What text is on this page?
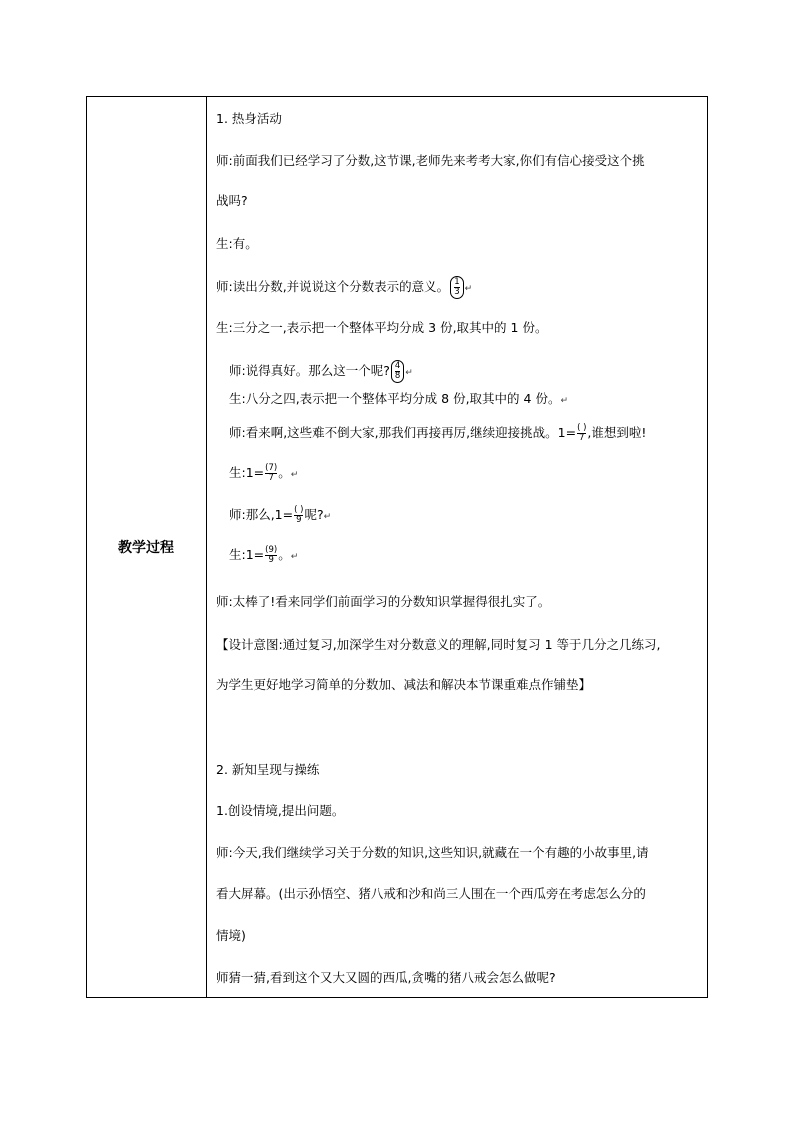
教学过程
1. 热身活动
师:前面我们已经学习了分数,这节课,老师先来考考大家,你们有信心接受这个挑
战吗?
生:有。
师:读出分数,并说说这个分数表示的意义。 $\frac{1}{3}$ ↵
生:三分之一,表示把一个整体平均分成 3 份,取其中的 1 份。
师:说得真好。那么这一个呢? $\frac{4}{8}$ ↵
生:八分之四,表示把一个整体平均分成 8 份,取其中的 4 份。↵
师:看来啊,这些难不倒大家,那我们再接再厉,继续迎接挑战。$1= \frac{( )}{7}$ ,谁想到啦!
生:1= $\frac{(7)}{7}$ 。↵
师:那么$,1= \frac{( )}{9}$ 呢?↵
生:1= $\frac{(9)}{9}$ 。↵
师:太棒了!看来同学们前面学习的分数知识掌握得很扎实了。
【设计意图:通过复习,加深学生对分数意义的理解,同时复习 1 等于几分之几练习,
为学生更好地学习简单的分数加、减法和解决本节课重难点作铺垫】
2. 新知呈现与操练
1.创设情境,提出问题。
师:今天,我们继续学习关于分数的知识,这些知识,就藏在一个有趣的小故事里,请
看大屏幕。(出示孙悟空、猪八戒和沙和尚三人围在一个西瓜旁在考虑怎么分的
情境)
师猜一猜,看到这个又大又圆的西瓜,贪嘴的猪八戒会怎么做呢?
